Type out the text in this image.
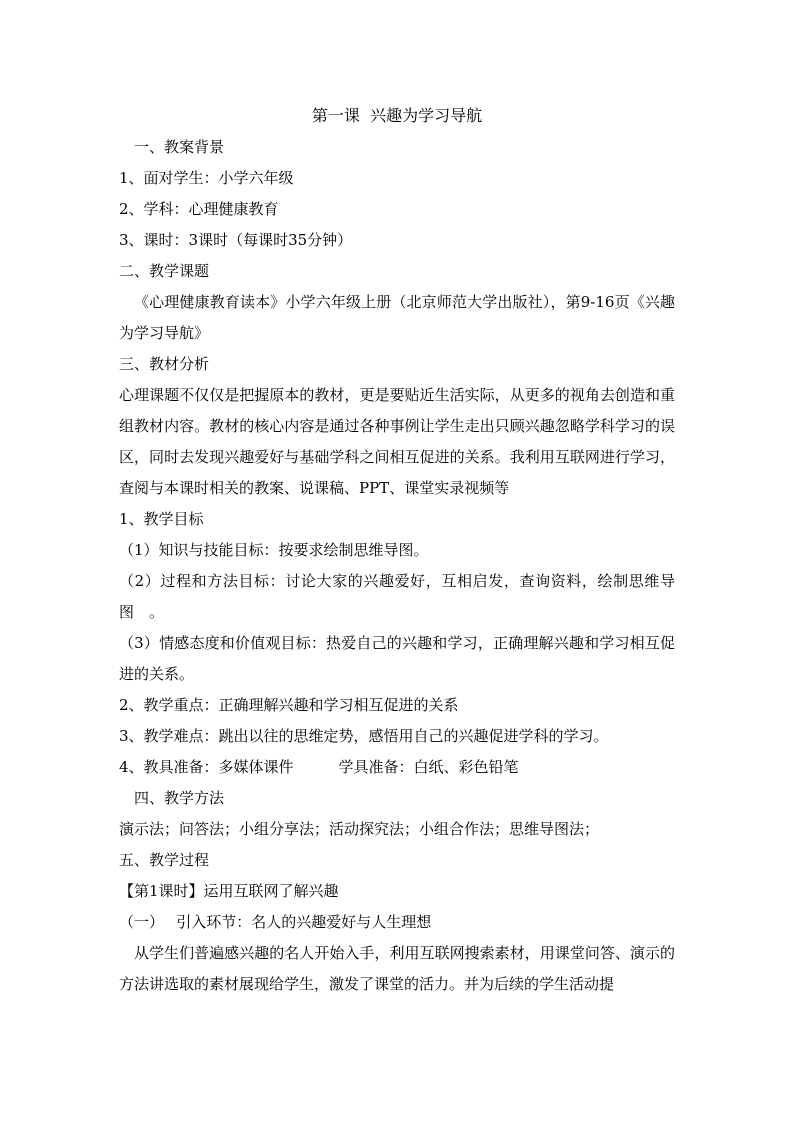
第一课  兴趣为学习导航
一、教案背景
1、面对学生：小学六年级
2、学科：心理健康教育
3、课时：3课时（每课时35分钟）
二、教学课题

《心理健康教育读本》小学六年级上册（北京师范大学出版社），第9-16页《兴趣为学习导航》

三、教材分析

心理课题不仅仅是把握原本的教材，更是要贴近生活实际，从更多的视角去创造和重组教材内容。教材的核心内容是通过各种事例让学生走出只顾兴趣忽略学科学习的误区，同时去发现兴趣爱好与基础学科之间相互促进的关系。我利用互联网进行学习，查阅与本课时相关的教案、说课稿、PPT、课堂实录视频等

1、教学目标
（1）知识与技能目标：按要求绘制思维导图。

（2）过程和方法目标：讨论大家的兴趣爱好，互相启发，查询资料，绘制思维导图　。

（3）情感态度和价值观目标：热爱自己的兴趣和学习，正确理解兴趣和学习相互促进的关系。

2、教学重点：正确理解兴趣和学习相互促进的关系
3、教学难点：跳出以往的思维定势，感悟用自己的兴趣促进学科的学习。
4、教具准备：多媒体课件　　　学具准备：白纸、彩色铅笔
四、教学方法
演示法；问答法；小组分享法；活动探究法；小组合作法；思维导图法；
五、教学过程
【第1课时】运用互联网了解兴趣
（一）　 引入环节：名人的兴趣爱好与人生理想

从学生们普遍感兴趣的名人开始入手，利用互联网搜索素材，用课堂问答、演示的方法讲选取的素材展现给学生，激发了课堂的活力。并为后续的学生活动提
